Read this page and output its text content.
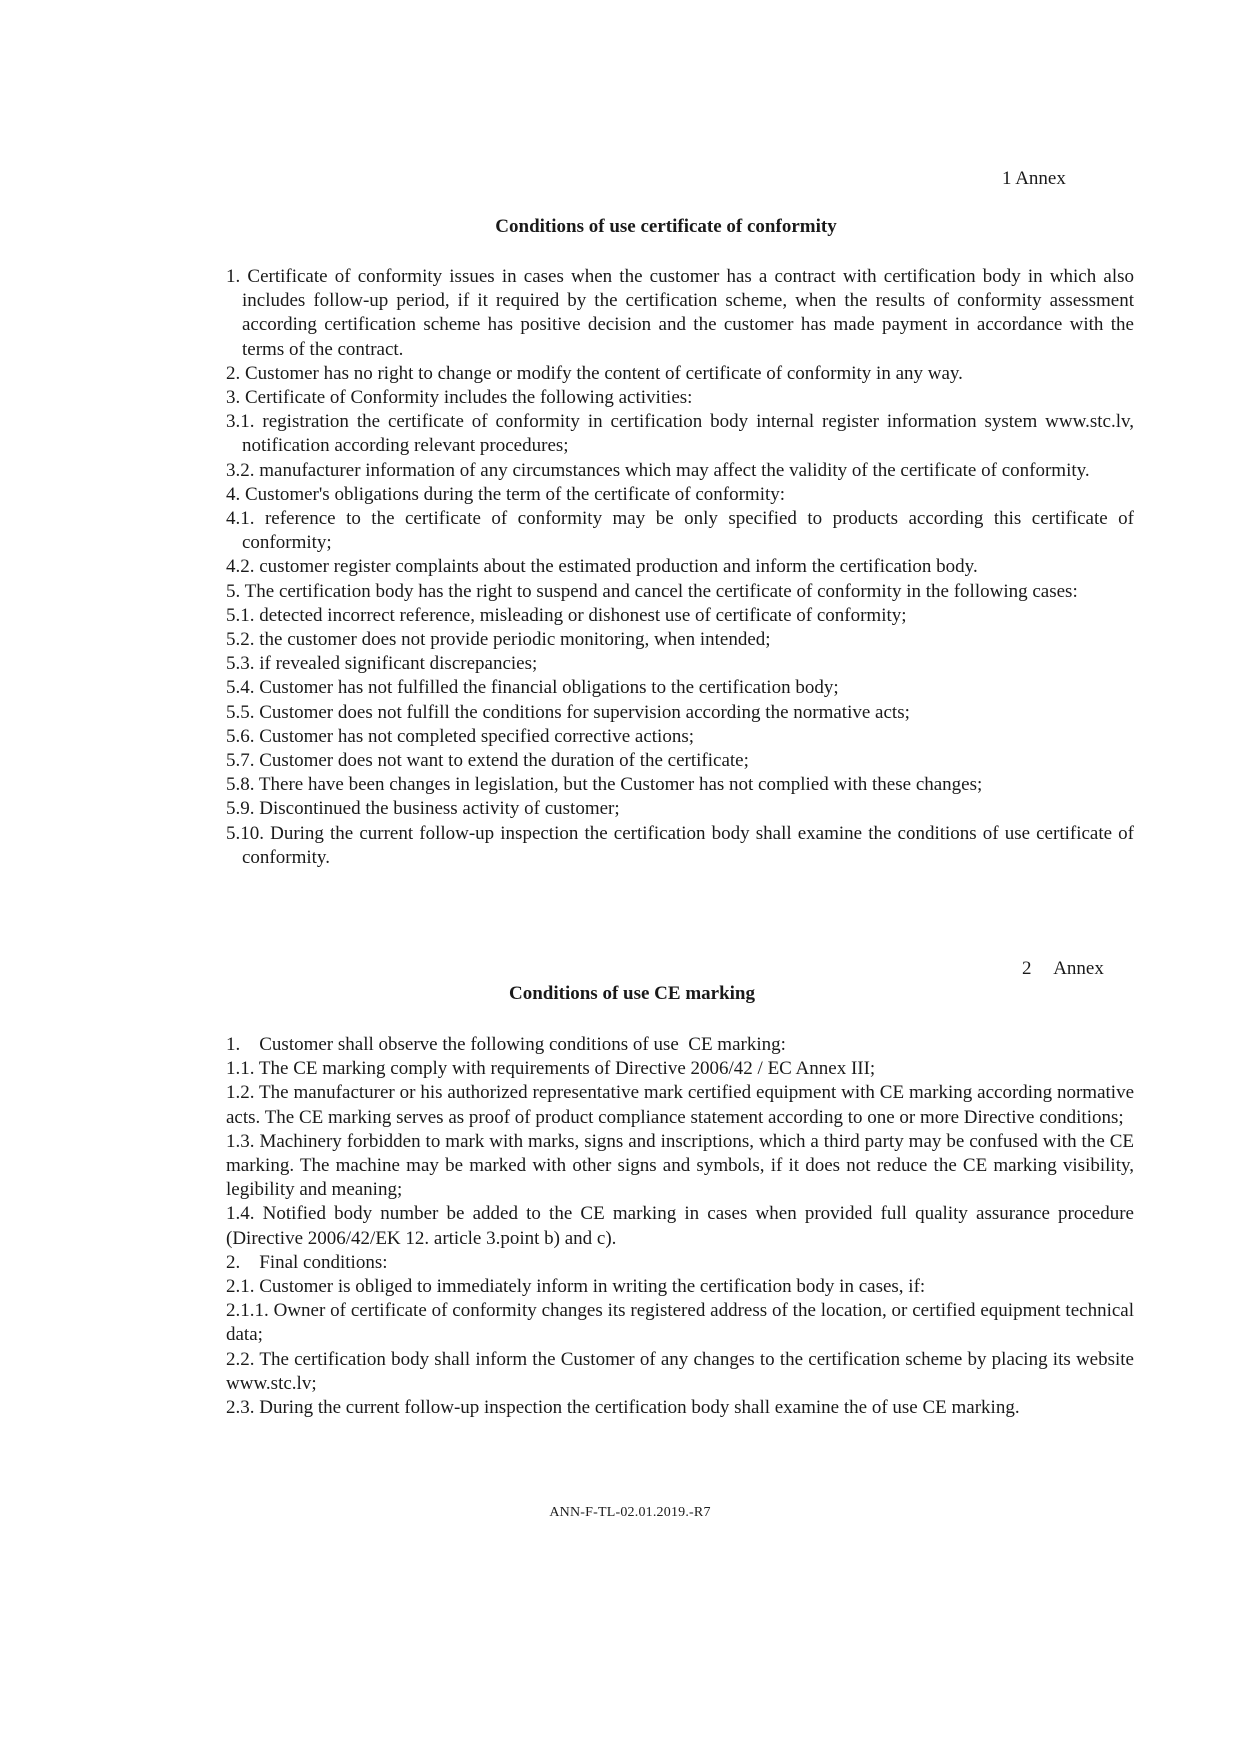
1 Annex
Conditions of use certificate of conformity

1. Certificate of conformity issues in cases when the customer has a contract with certification body in which also includes follow-up period, if it required by the certification scheme, when the results of conformity assessment according certification scheme has positive decision and the customer has made payment in accordance with the terms of the contract.

2. Customer has no right to change or modify the content of certificate of conformity in any way.

3. Certificate of Conformity includes the following activities:

3.1. registration the certificate of conformity in certification body internal register information system www.stc.lv, notification according relevant procedures;

3.2. manufacturer information of any circumstances which may affect the validity of the certificate of conformity.

4. Customer's obligations during the term of the certificate of conformity:

4.1. reference to the certificate of conformity may be only specified to products according this certificate of conformity;

4.2. customer register complaints about the estimated production and inform the certification body.

5. The certification body has the right to suspend and cancel the certificate of conformity in the following cases:

5.1. detected incorrect reference, misleading or dishonest use of certificate of conformity;

5.2. the customer does not provide periodic monitoring, when intended;

5.3. if revealed significant discrepancies;

5.4. Customer has not fulfilled the financial obligations to the certification body;

5.5. Customer does not fulfill the conditions for supervision according the normative acts;

5.6. Customer has not completed specified corrective actions;

5.7. Customer does not want to extend the duration of the certificate;

5.8. There have been changes in legislation, but the Customer has not complied with these changes;

5.9. Discontinued the business activity of customer;

5.10. During the current follow-up inspection the certification body shall examine the conditions of use certificate of conformity.

2 Annex
Conditions of use CE marking

1.    Customer shall observe the following conditions of use  CE marking:

1.1. The CE marking comply with requirements of Directive 2006/42 / EC Annex III;

1.2. The manufacturer or his authorized representative mark certified equipment with CE marking according normative acts. The CE marking serves as proof of product compliance statement according to one or more Directive conditions;

1.3. Machinery forbidden to mark with marks, signs and inscriptions, which a third party may be confused with the CE marking. The machine may be marked with other signs and symbols, if it does not reduce the CE marking visibility, legibility and meaning;

1.4. Notified body number be added to the CE marking in cases when provided full quality assurance procedure (Directive 2006/42/EK 12. article 3.point b) and c).

2.    Final conditions:

2.1. Customer is obliged to immediately inform in writing the certification body in cases, if:

2.1.1. Owner of certificate of conformity changes its registered address of the location, or certified equipment technical data;

2.2. The certification body shall inform the Customer of any changes to the certification scheme by placing its website www.stc.lv;

2.3. During the current follow-up inspection the certification body shall examine the of use CE marking.

ANN-F-TL-02.01.2019.-R7
